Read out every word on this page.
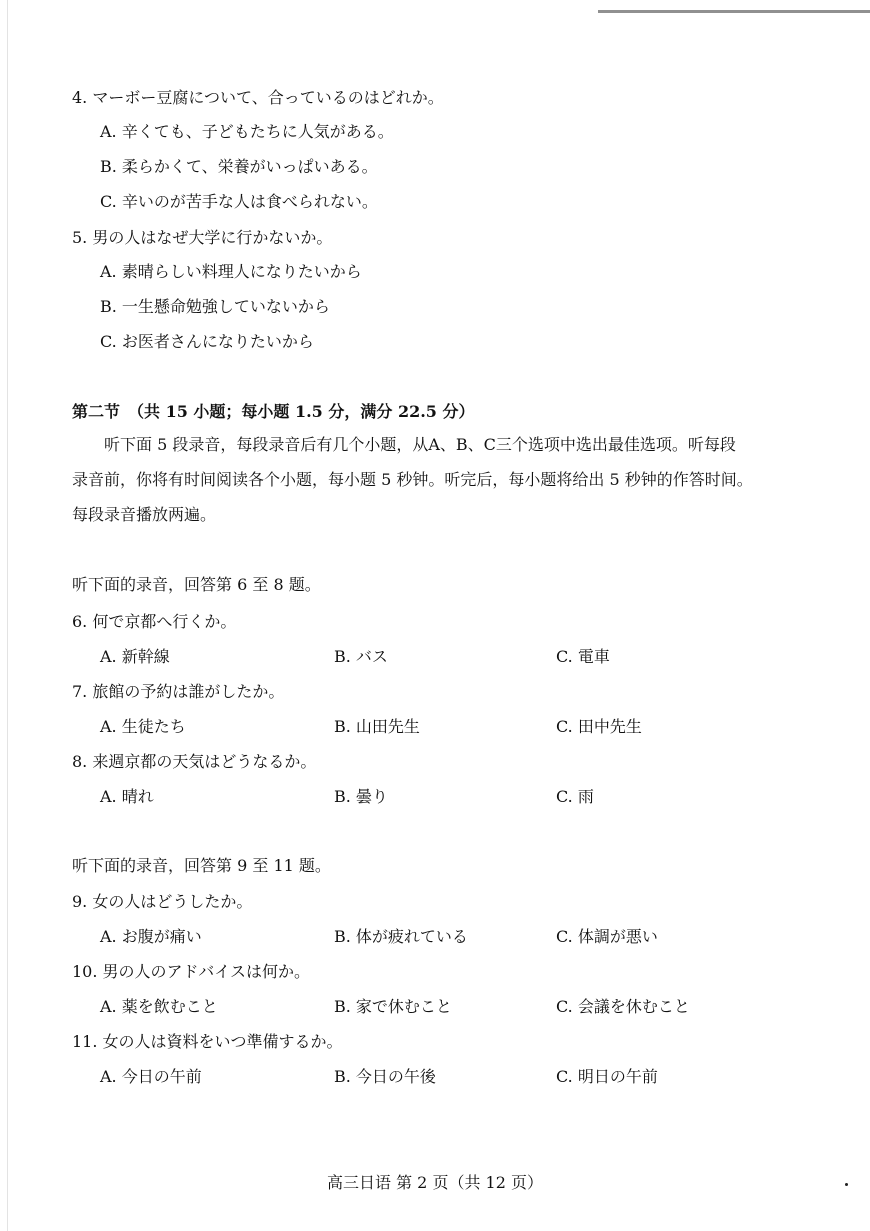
4. マーボー豆腐について、合っているのはどれか。
A. 辛くても、子どもたちに人気がある。
B. 柔らかくて、栄養がいっぱいある。
C. 辛いのが苦手な人は食べられない。
5. 男の人はなぜ大学に行かないか。
A. 素晴らしい料理人になりたいから
B. 一生懸命勉強していないから
C. お医者さんになりたいから
第二节　（共 15 小题；每小题 1.5 分，满分 22.5 分）
听下面 5 段录音，每段录音后有几个小题，从A、B、C三个选项中选出最佳选项。听每段
录音前，你将有时间阅读各个小题，每小题 5 秒钟。听完后，每小题将给出 5 秒钟的作答时间。
每段录音播放两遍。
听下面的录音，回答第 6 至 8 题。
6. 何で京都へ行くか。
A. 新幹線	B. バス	C. 電車
7. 旅館の予約は誰がしたか。
A. 生徒たち	B. 山田先生	C. 田中先生
8. 来週京都の天気はどうなるか。
A. 晴れ	B. 曇り	C. 雨
听下面的录音，回答第 9 至 11 题。
9. 女の人はどうしたか。
A. お腹が痛い	B. 体が疲れている	C. 体調が悪い
10. 男の人のアドバイスは何か。
A. 薬を飲むこと	B. 家で休むこと	C. 会議を休むこと
11. 女の人は資料をいつ準備するか。
A. 今日の午前	B. 今日の午後	C. 明日の午前
高三日语 第 2 页（共 12 页）
